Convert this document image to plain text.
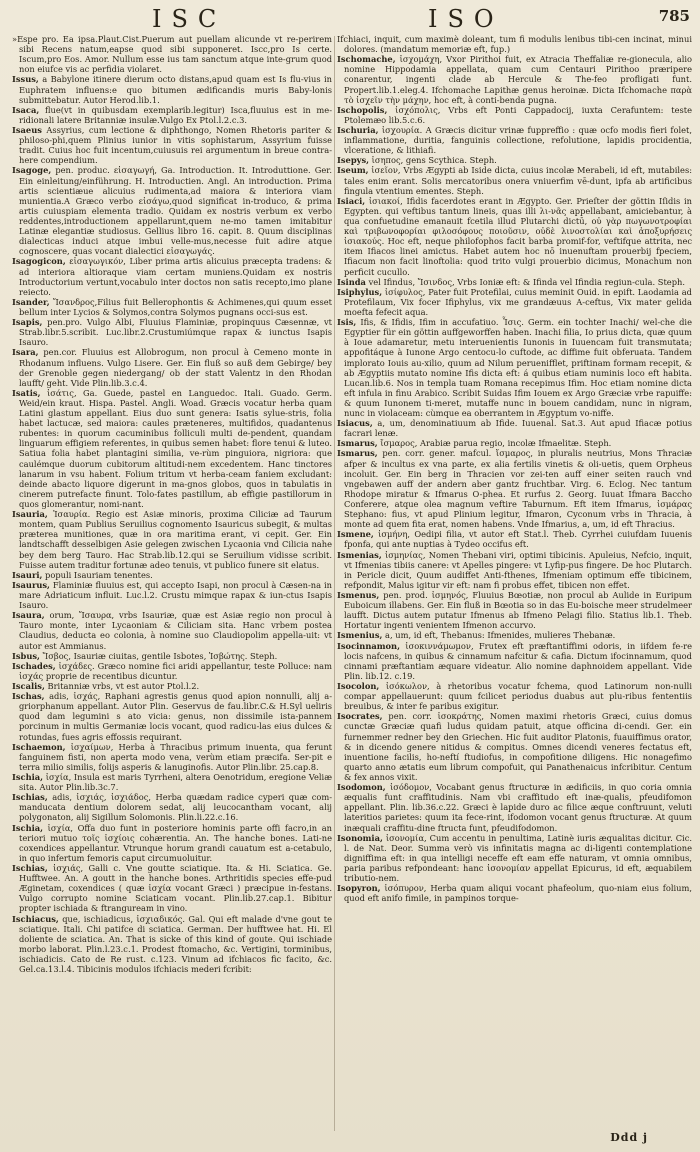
ISC	ISO	785

»Espe pro. Ea ipsa.Plaut.Cist.Puerum aut puellam alicunde vt re-perirem sibi Recens natum,eapse quod sibi supponeret. Iscc,pro Is certe. Iscum,pro Eos. Amor. Nullum esse ius tam sanctum atque inte-grum quod non eiufce vis ac perfidia violaret.

Issus, a Babylone itinere dierum octo distans,apud quam est Is flu-vius in Euphratem influens:e quo bitumen ædificandis muris Baby-lonis submittebatur. Autor Herod.lib.1.

Isaca, flue(vt in quibusdam exemplarib.legitur) Isca,fluuius est in me-ridionali latere Britanniæ insulæ.Vulgo Ex Ptol.l.2.c.3.

Isaeus Assyrius, cum lectione & diphthongo, Nomen Rhetoris pariter & philoso-phi,quem Plinius iunior in vitis sophistarum, Assyrium fuisse tradit. Cuius hoc fuit incentum,cuiusuis rei argumentum in breue contra-here compendium.

Isagoge, pen. produc. εἰσαγωγή, Ga. Introduction. It. Introduttione. Ger. Ein einleitung/einführung. H. Introductien. Angl. An introduction. Prima artis scientiæue alicuius rudimenta,ad maiora & interiora viam munientia.A Græco verbo εἰσάγω,quod significat in-troduco, & prima artis cuiuspiam elementa tradio. Quidam ex nostris verbum ex verbo reddentes,introductionem appellarunt,quem ne-mo tamen imitabitur Latinæ elegantiæ studiosus. Gellius libro 16. capit. 8. Quum disciplinas dialecticas induci atque imbui velle-mus,necesse fuit adire atque cognoscere, quas vocant dialectici εἰσαγωγάς.

Isagogicon, εἰσαγωγικόν, Liber prima artis alicuius præcepta tradens: & ad interiora altioraque viam certam muniens.Quidam ex nostris Introductorium vertunt,vocabulo inter doctos non satis recepto,imo plane reiecto.

Isander, Ἴσανδρος,Filius fuit Bellerophontis & Achimenes,qui quum esset bellum inter Lycios & Solymos,contra Solymos pugnans occi-sus est.

Isapis, pen.pro. Vulgo Albi, Fluuius Flaminiæ, propinquus Cæsennæ, vt Strab.libr.5.scribit. Luc.libr.2.Crustumiúmque rapax & iunctus Isapis Isauro.

Isara, pen.cor. Fluuius est Allobrogum, non procul à Cemeno monte in Rhodanum influens. Vulgo Lisere. Ger. Ein fluß so auß dem Gebirge/ bey der Grenoble gegen niedergang/ ob der statt Valentz in den Rhodan laufft/ geht. Vide Plin.lib.3.c.4.

Isatis, ἰσάτις, Ga. Guede, pastel en Languedoc. Itali. Guado. Germ. Weid/ein kraut. Hispa. Pastel. Angli. Woad. Græcis vocatur herba quam Latini glastum appellant. Eius duo sunt genera: Isatis sylue-stris, folia habet lactucæ, sed maiora: caules præteneres, multifidos, quadantenus rubentes: in quorum cacuminibus folliculi multi de-pendent, quandam linguarum effigiem referentes, in quibus semen habet: flore tenui & luteo. Satiua folia habet plantagini similia, ve-rùm pinguiora, nigriora: que caulémque duorum cubitorum altitudi-nem excedentem. Hanc tinctores lanarum in vsu habent. Folium tritum vt herba-ceam faniem excludant: deinde abacto liquore digerunt in ma-gnos globos, quos in tabulatis in cinerem putrefacte finunt. Tolo-fates pastillum, ab effigie pastillorum in quos glomerantur, nomi-nant.

Isauria, Ἰσαυρία. Regio est Asiæ minoris, proxima Ciliciæ ad Taurum montem, quam Publius Seruilius cognomento Isauricus subegit, & multas præterea munitiones, quæ in ora maritima erant, vi cepit. Ger. Ein landtschafft desselbigen Asie gelegen zwischen Lycaonia vnd Cilicia nahe bey dem berg Tauro. Hac Strab.lib.12.qui se Seruilium vidisse scribit. Fuisse autem traditur fortunæ adeo tenuis, vt publico funere sit elatus.

Isauri, populi Isauriam tenentes.

Isaurus, Flaminiæ fluuius est, qui accepto Isapi, non procul à Cæsen-na in mare Adriaticum influit. Luc.l.2. Crustu mimque rapax & iun-ctus Isapis Isauro.

Isaura, orum, Ἴσαυρα, vrbs Isauriæ, quæ est Asiæ regio non procul à Tauro monte, inter Lycaoniam & Ciliciam sita. Hanc vrbem postea Claudius, deducta eo colonia, à nomine suo Claudiopolim appella-uit: vt autor est Ammianus.

Isbus, Ἴσβος, Isauriæ ciuitas, gentile Isbotes, Ἰσβώτης. Steph.

Ischades, ἰσχάδες. Græco nomine fici aridi appellantur, teste Polluce: nam ἰσχάς proprie de recentibus dicuntur.

Iscalis, Britanniæ vrbs, vt est autor Ptol.l.2.

Ischas, adis, ἰσχάς, Raphani agrestis genus quod apion nonnulli, alij a-griorphanum appellant. Autor Plin. Geservus de fau.libr.C.& H.Syl ueliris quod dam legumini s ato vicia: genus, non dissimile ista-pannem porcinum in multis Germaniæ locis vocant, quod radicu-las eius dulces & rotundas, fues agris effossis requirant.

Ischaemon, ἰσχαίμων, Herba à Thracibus primum inuenta, qua ferunt fanguinem fisti, non aperta modo vena, verùm etiam præcifa. Ser-pit e terra milio similis, folijs asperis & lanuginofis. Autor Plin.libr. 25.cap.8.

Ischia, ἰσχία, Insula est maris Tyrrheni, altera Oenotridum, eregione Veliæ sita. Autor Plin.lib.3c.7.

Ischias, adis, ἰσχιάς, ἰσχιάδος, Herba quædam radice cyperi quæ com-manducata dentium dolorem sedat, alij leucocantham vocant, alij polygonaton, alij Sigillum Solomonis. Plin.li.22.c.16.

Ischia, ἰσχία, Offa duo funt in posteriore hominis parte offi facro,in an teriori mutuo τοῖς ἰσχίοις cohærentia. An. The hanche bones. Lati-ne coxendices appellantur. Vtrunque horum grandi cauatum est a-cetabulo, in quo infertum femoris caput circumuoluitur.

Ischias, ἰσχιάς, Galli c. Vne goutte sciatique. Ita. & Hi. Sciatica. Ge. Hufftwee. An. A goutt in the hanche bones. Arthritidis species effe-pud Æginetam, coxendices ( quæ ἰσχία vocant Græci ) præcipue in-festans. Vulgo corrupto nomine Sciaticam vocant. Plin.lib.27.cap.1. Bibitur propter ischiada & ftranguream in vino.

Ischiacus, que, ischiadicus, ἰσχιαδικός. Gal. Qui eft malade d'vne gout te sciatique. Itali. Chi patifce di sciatica. German. Der hufftwee hat. Hi. El doliente de sciatica. An. That is sicke of this kind of goute. Qui ischiade morbo laborat. Plin.l.23.c.1. Prodest ftomacho, &c. Vertigini, torminibus, ischiadicis. Cato de Re rust. c.123. Vinum ad ifchiacos fic facito, &c. Gel.ca.13.l.4. Tibicinis modulos ifchiacis mederi fcribit:

Ifchiaci, inquit, cum maximè doleant, tum fi modulis lenibus tibi-cen incinat, minui dolores. (mandatum memoriæ eft, fup.)

Ischomache, ἰσχομάχη, Vxor Pirithoi fuit, ex Atracia Theffaliæ re-gionecula, alio nomine Hippodamia appellata, quam cum Centauri Pirithoo præripere conarentur, ingenti clade ab Hercule & The-feo profligati funt. Propert.lib.1.eleg.4. Ifchomache Lapithæ genus heroinæ. Dicta Ifchomache παρὰ τὸ ἰσχεῖν τὴν μάχην, hoc eft, à conti-benda pugna.

Ischopolis, ἰσχόπολις, Vrbs eft Ponti Cappadocij, iuxta Cerafuntem: teste Ptolemæo lib.5.c.6.

Ischuria, ἰσχουρία. A Græcis dicitur vrinæ fuppreffio : quæ ocfo modis fieri folet, inflammatione, duritia, fanguinis collectione, refolutione, lapidis procidentia, vlceratione, & lithiafi.

Isepys, ἰσηπος, gens Scythica. Steph.

Iseum, ἰσεῖον, Vrbs Ægypti ab Iside dicta, cuius incolæ Merabeli, id eft, mutabiles: tales enim erant. Solis mercatoribus onera vniuerfim vē-dunt, ipfa ab artificibus fingula vtentium ementes. Steph.

Isiaci, ἰσιακοί, Ifidis facerdotes erant in Ægypto. Ger. Prieſter der göttin Iſidis in Egypten. qui veftibus tantum lineis, quas illi λι-νᾶς appellabant, amiciebantur, à qua confuetudine emanauit fcetila illud Plutarchi dictū, οὐ γὰρ πωγωνοτροφίαι καὶ τριβωνοφορίαι φιλοσόφους ποιοῦσιν, οὐδὲ λινοστολίαι καὶ ἀποξυρήσεις ἰσιακούς. Hoc eft, neque philofophos facit barba promif-for, veftifque attrita, nec item Ifiacos linei amictus. Habet autem hoc nō inuenuftam prouerbij fpeciem, Ifiacum non facit linoftolia: quod trito vulgi prouerbio dicimus, Monachum non perficit cucullo.

Isinda vel Ifindus, Ἴσινδος, Vrbs Ioniæ eft: & Ifinda vel Ifindia regiun-cula. Steph.

Isiphylus, ἰσίφυλος, Pater fuit Protefilai, cuius meminit Ouid. in epift. Laodamia ad Protefilaum, Vix focer Ifiphylus, vix me grandæuus A-ceftus, Vix mater gelida moefta fefecit aqua.

Isis, Ifis, & Ifidis, Ifim in accufatiuo. Ἶσις. Germ. ein tochter Inachi/ wel-che die Egyptier für ein göttin auffgeworffen haben. Inachi filia, Io prius dicta, quæ quum à Ioue adamaretur, metu interuenientis Iunonis in Iuuencam fuit transmutata; appofitáque à Iunone Argo centocu-lo cuftode, ac diffime fuit obferuata. Tandem implorato Iouis au-xilio, quum ad Nilum peruenifflet, priftinam formam recepit, & ab Ægyptiis mutato nomine Ifis dicta eft: á quibus etiam numinis loco eft habita. Lucan.lib.6. Nos in templa tuam Romana recepimus Ifim. Hoc etiam nomine dicta eft infula in finu Arabico. Scribit Suidas Ifim Iouem ex Argo Græciæ vrbe rapuiffe: & quum Iunonem ti-meret, mutaffe nunc in bouem candidam, nunc in nigram, nunc in violaceam: cùmque ea oberrantem in Ægyptum vo-niffe.

Isiacus, a, um, denominatiuum ab Ifide. Iuuenal. Sat.3. Aut apud Ifiacæ potius facrari lenæ.

Ismarus, ἴσμαρος, Arabiæ parua regio, incolæ Ifmaelitæ. Steph.

Ismarus, pen. corr. gener. mafcul. ἴσμαρος, in pluralis neutrius, Mons Thraciæ afper & incultus ex vna parte, ex alia fertilis vinetis & oli-uetis, quem Orpheus incoluit. Ger. Ein berg in Thracien vor zei-ten auff einer seiten rauch vnd vngebawen auff der andern aber gantz fruchtbar. Virg. 6. Eclog. Nec tantum Rhodope miratur & Ifmarus O-phea. Et rurfus 2. Georg. Iuuat Ifmara Baccho Conferere, atque olea magnum veftire Taburnum. Eft item Ifmarus, ἰσμάρας Stephano: fius, vt apud Plinium legitur, Ifmaron, Cyconum vrbs in Thracia, à monte ad quem fita erat, nomen habens. Vnde Ifmarius, a, um, id eft Thracius.

Ismene, ἰσμήνη, Oedipi filia, vt autor eft Stat.l. Theb. Cyrrhei cuiufdam Iuuenis fponfa, qui ante nuptias à Tydeo occifus eft.

Ismenias, ἰσμηνίας, Nomen Thebani viri, optimi tibicinis. Apuleius, Nefcio, inquit, vt Ifmenias tibiis canere: vt Apelles pingere: vt Lyfip-pus fingere. De hoc Plutarch. in Pericle dicit, Quum audiffet Anti-fthenes, Ifmeniam optimum effe tibicinem, refpondit, Malus igitur vir eft: nam fi probus effet, tibicen non effet.

Ismenus, pen. prod. ἰσμηνός, Fluuius Bœotiæ, non procul ab Aulide in Euripum Euboicum illabens. Ger. Ein fluß in Bœotia so in das Eu-boische meer strudelmeer laufft. Dictus autem putatur Ifmenus ab Ifmeno Pelagi filio. Statius lib.1. Theb. Hortatur ingenti venientem Ifmenon accurvo.

Ismenius, a, um, id eft, Thebanus: Ifmenides, mulieres Thebanæ.

Isocinnamon, ἰσοκιννάμωμον, Frutex eft præftantiffimi odoris, in iifdem fe-re locis nafcens, in quibus & cinnamum nafcitur & cafia. Dictum ifocinnamum, quod cinnami præftantiam æquare videatur. Alio nomine daphnoidem appellant. Vide Plin. lib.12. c.19.

Isocolon, ἰσόκωλον, à rhetoribus vocatur fchema, quod Latinorum non-nulli compar appellauerunt: quum fcilicet periodus duabus aut plu-ribus fententiis breuibus, & inter fe paribus exigitur.

Isocrates, pen. corr. ἰσοκράτης, Nomen maximi rhetoris Græci, cuius domus cunctæ Græciæ quafi ludus quidam patuit, atque officina di-cendi. Ger. ein furnemmer redner bey den Griechen. Hic fuit auditor Platonis, fuauiffimus orator, & in dicendo genere nitidus & compitus. Omnes dicendi veneres fectatus eft, inuentione facilis, ho-neftí ftudiofus, in compofitione diligens. Hic nonagefimo quarto anno ætatis eum librum compofuit, qui Panathenaicus infcribitur. Centum & fex annos vixit.

Isodomon, ἰσόδομον, Vocabant genus ftructuræ in ædificiis, in quo coria omnia æqualis funt craffitudinis. Nam vbi craffitudo eft inæ-qualis, pfeudifomon appellant. Plin. lib.36.c.22. Græci è lapide duro ac filice æque conftruunt, veluti lateritios parietes: quum ita fece-rint, ifodomon vocant genus ftructuræ. At quum inæquali craffitu-dine ftructa funt, pfeudifodomon.

Isonomia, ἰσονομία, Cum accentu in penultima, Latinè iuris æqualitas dicitur. Cic. l. de Nat. Deor. Summa verò vis infinitatis magna ac di-ligenti contemplatione digniffima eft: in qua intelligi neceffe eft eam effe naturam, vt omnia omnibus, paria paribus refpondeant: hanc ἰσονομίαν appellat Epicurus, id eft, æquabilem tributio-nem.

Isopyron, ἰσόπυρον, Herba quam aliqui vocant phafeolum, quo-niam eius folium, quod eft anifo fimile, in pampinos torque-

Ddd j
